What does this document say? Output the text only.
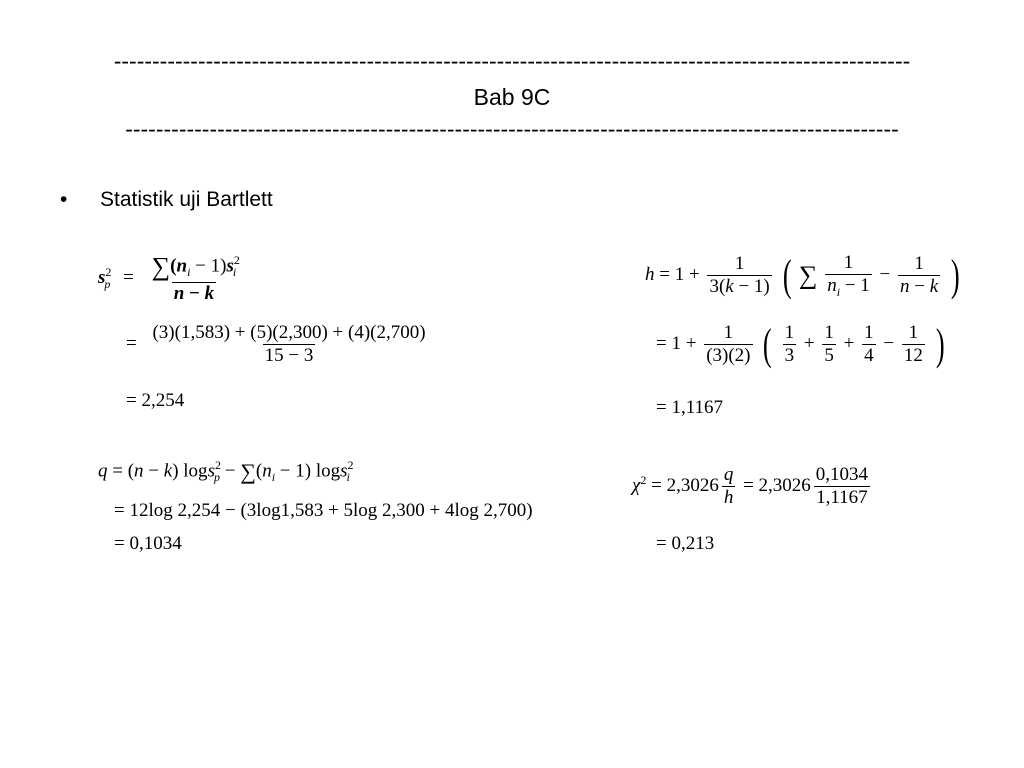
--------------------------------------------------------------------------------------------------------
Bab 9C
-----------------------------------------------------------------------------------------------------
• Statistik uji Bartlett
$s^2_p = \frac{\sum(n_i - 1)s^2_i}{n - k}$
= $\frac{(3)(1,583) + (5)(2,300) + (4)(2,700)}{15 - 3}$
= 2,254
q = (n − k) $\log s^2_p - \sum(n_i - 1)$ logs$^2_i$
= 12log 2,254 − (3log1,583 + 5log 2,300 + 4log 2,700)
= 0,1034
$h = 1 + \frac{1}{3(k - 1)}$ ( ∑ $\frac{1}{n_i - 1} - \frac{1}{n - k}$ )
= $1 + \frac{1}{(3)(2)}$ ( $\frac{1}{3} + \frac{1}{5} + \frac{1}{4} - \frac{1}{12}$ )
= 1,1167
$\chi^2 = 2,3026 \frac{q}{h} = 2,3026 \frac{0,1034}{1,1167}$
= 0,213
